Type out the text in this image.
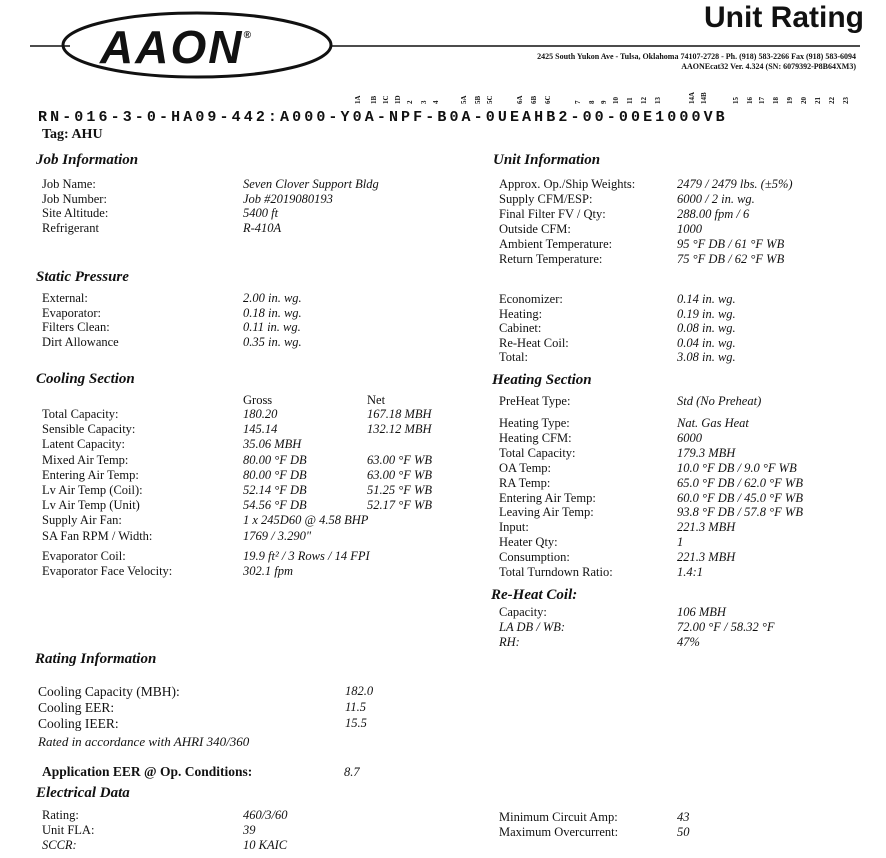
AAON®
Unit Rating
2425 South Yukon Ave - Tulsa, Oklahoma 74107-2728 - Ph. (918) 583-2266 Fax (918) 583-6094
AAONEcat32 Ver. 4.324 (SN: 6079392-P8B64XM3)
1A 1B 1C 1D 2 3 4	5A 5B 5C	6A 6B 6C	7 8 9 10 11 12 13	14A 14B	15 16 17 18 19 20 21 22 23
RN-016-3-0-HA09-442:A000-Y0A-NPF-B0A-0UEAHB2-00-00E1000VB
Tag: AHU
Job Information
Job Name:	Seven Clover Support Bldg
Job Number:	Job #2019080193
Site Altitude:	5400 ft
Refrigerant	R-410A
Unit Information
Approx. Op./Ship Weights:	2479 / 2479 lbs. (±5%)
Supply CFM/ESP:	6000 / 2 in. wg.
Final Filter FV / Qty:	288.00 fpm / 6
Outside CFM:	1000
Ambient Temperature:	95 °F DB / 61 °F WB
Return Temperature:	75 °F DB / 62 °F WB
Static Pressure
External:	2.00 in. wg.
Evaporator:	0.18 in. wg.
Filters Clean:	0.11 in. wg.
Dirt Allowance	0.35 in. wg.
Economizer:	0.14 in. wg.
Heating:	0.19 in. wg.
Cabinet:	0.08 in. wg.
Re-Heat Coil:	0.04 in. wg.
Total:	3.08 in. wg.
Cooling Section
Gross	Net
Total Capacity:	180.20	167.18 MBH
Sensible Capacity:	145.14	132.12 MBH
Latent Capacity:	35.06 MBH
Mixed Air Temp:	80.00 °F DB	63.00 °F WB
Entering Air Temp:	80.00 °F DB	63.00 °F WB
Lv Air Temp (Coil):	52.14 °F DB	51.25 °F WB
Lv Air Temp (Unit)	54.56 °F DB	52.17 °F WB
Supply Air Fan:	1 x 245D60 @ 4.58 BHP
SA Fan RPM / Width:	1769 / 3.290"
Evaporator Coil:	19.9 ft² / 3 Rows / 14 FPI
Evaporator Face Velocity:	302.1 fpm
Heating Section
PreHeat Type:	Std (No Preheat)
Heating Type:	Nat. Gas Heat
Heating CFM:	6000
Total Capacity:	179.3 MBH
OA Temp:	10.0 °F DB / 9.0 °F WB
RA Temp:	65.0 °F DB / 62.0 °F WB
Entering Air Temp:	60.0 °F DB / 45.0 °F WB
Leaving Air Temp:	93.8 °F DB / 57.8 °F WB
Input:	221.3 MBH
Heater Qty:	1
Consumption:	221.3 MBH
Total Turndown Ratio:	1.4:1
Re-Heat Coil:
Capacity:	106 MBH
LA DB / WB:	72.00 °F / 58.32 °F
RH:	47%
Rating Information
Cooling Capacity (MBH):	182.0
Cooling EER:	11.5
Cooling IEER:	15.5
Rated in accordance with AHRI 340/360
Application EER @ Op. Conditions:	8.7
Electrical Data
Rating:	460/3/60
Unit FLA:	39
SCCR:	10 KAIC
Minimum Circuit Amp:	43
Maximum Overcurrent:	50
